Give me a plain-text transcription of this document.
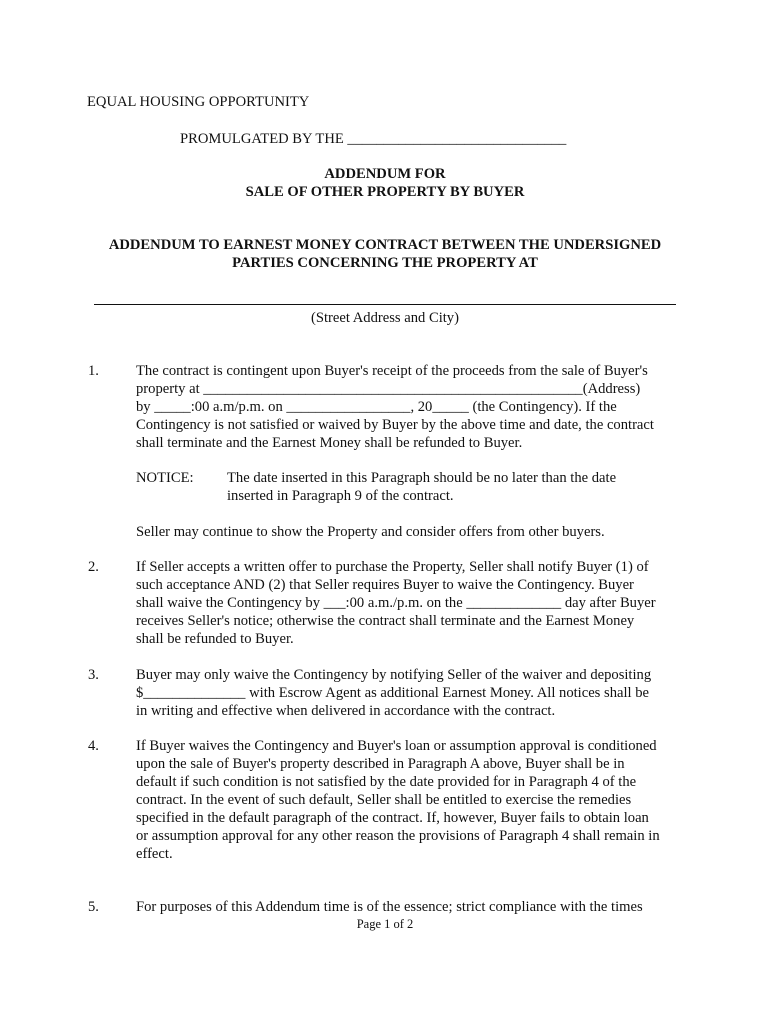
EQUAL HOUSING OPPORTUNITY
PROMULGATED BY THE ______________________________
ADDENDUM FOR
SALE OF OTHER PROPERTY BY BUYER
ADDENDUM TO EARNEST MONEY CONTRACT BETWEEN THE UNDERSIGNED
PARTIES CONCERNING THE PROPERTY AT
(Street Address and City)
1.	The contract is contingent upon Buyer's receipt of the proceeds from the sale of Buyer's
property at ____________________________________________________(Address)
by _____:00 a.m/p.m. on _________________, 20_____ (the Contingency). If the
Contingency is not satisfied or waived by Buyer by the above time and date, the contract
shall terminate and the Earnest Money shall be refunded to Buyer.
NOTICE: The date inserted in this Paragraph should be no later than the date
inserted in Paragraph 9 of the contract.
Seller may continue to show the Property and consider offers from other buyers.
2.	If Seller accepts a written offer to purchase the Property, Seller shall notify Buyer (1) of
such acceptance AND (2) that Seller requires Buyer to waive the Contingency. Buyer
shall waive the Contingency by ___:00 a.m./p.m. on the _____________ day after Buyer
receives Seller's notice; otherwise the contract shall terminate and the Earnest Money
shall be refunded to Buyer.
3.	Buyer may only waive the Contingency by notifying Seller of the waiver and depositing
$______________ with Escrow Agent as additional Earnest Money. All notices shall be
in writing and effective when delivered in accordance with the contract.
4.	If Buyer waives the Contingency and Buyer's loan or assumption approval is conditioned
upon the sale of Buyer's property described in Paragraph A above, Buyer shall be in
default if such condition is not satisfied by the date provided for in Paragraph 4 of the
contract. In the event of such default, Seller shall be entitled to exercise the remedies
specified in the default paragraph of the contract. If, however, Buyer fails to obtain loan
or assumption approval for any other reason the provisions of Paragraph 4 shall remain in
effect.
5.	For purposes of this Addendum time is of the essence; strict compliance with the times
Page 1 of 2
